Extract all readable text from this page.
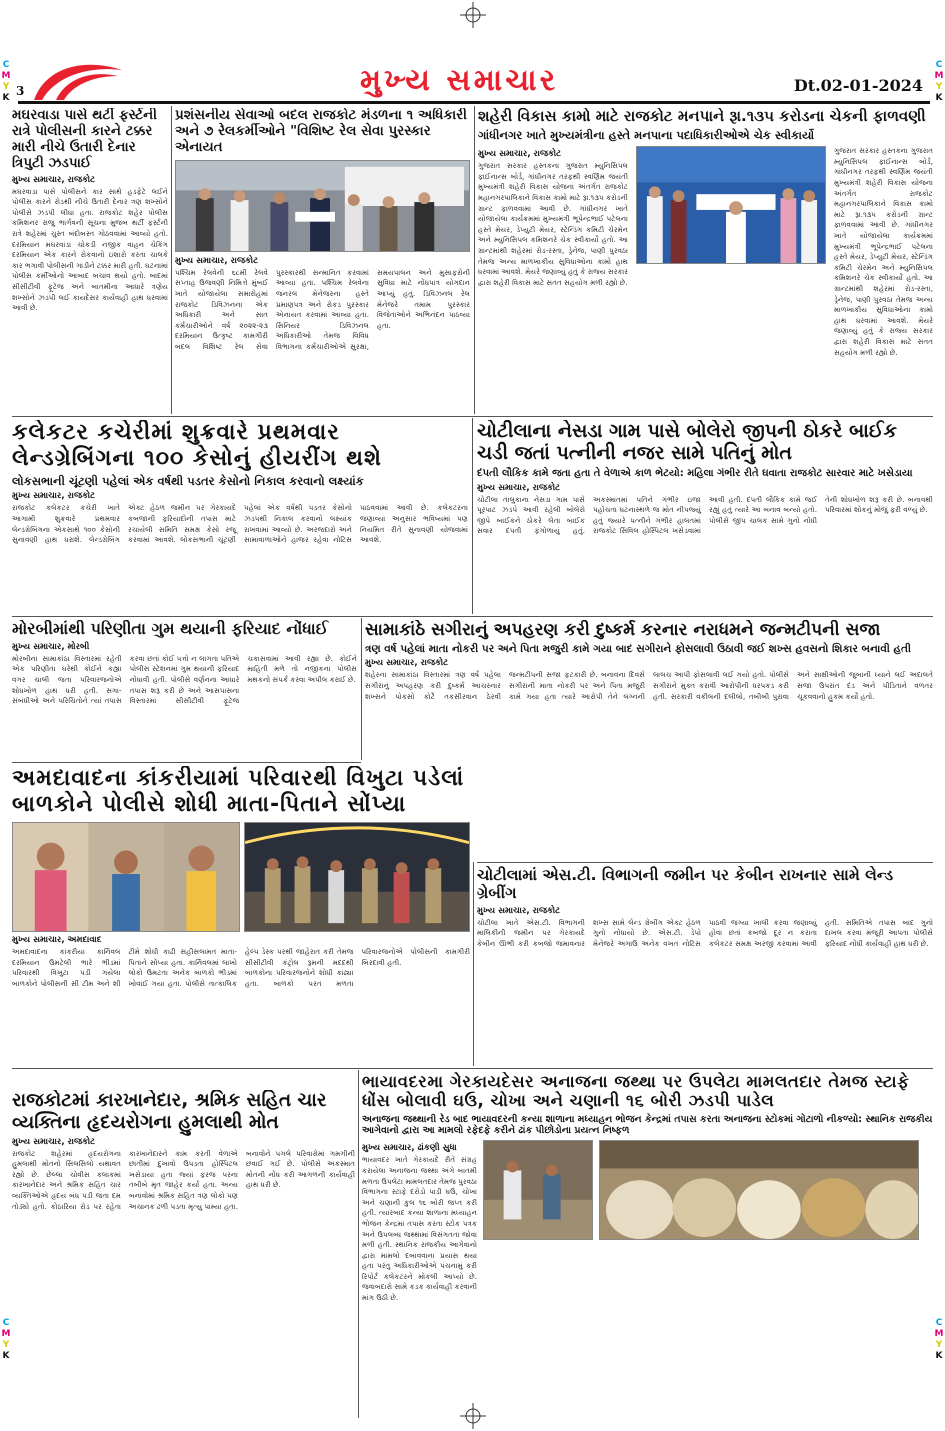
C
M
Y
K
C
M
Y
K
C
M
Y
K
C
M
Y
K
3	મુખ્ય સમાચાર	Dt.02-01-2024
મઘરવાડા પાસે થર્ટી ફર્સ્ટની રાત્રે પોલીસની કારને ટક્કર મારી નીચે ઉતારી દેનાર ત્રિપુટી ઝડપાઈ
મુખ્ય સમાચાર, રાજકોટ
મઘરવાડા પાસે પોલીસને કાર સાથે હડફેટે લઈને પોલીસ કારને રોડથી નીચે ઉતારી દેનાર ત્રણ શખ્સોને પોલીસે ઝડપી લીધા હતા. રાજકોટ શહેર પોલીસ કમિશનર રાજુ ભાર્ગવની સૂચના મુજબ થર્ટી ફર્સ્ટની રાત્રે શહેરમાં ચુસ્ત બંદોબસ્ત ગોઠવવામાં આવ્યો હતો. દરમિયાન મઘરવાડા ચોકડી નજીક વાહન ચેકિંગ દરમિયાન એક કારને રોકવાનો ઇશારો કરતા ચાલકે કાર ભગાવી પોલીસની ગાડીને ટક્કર મારી હતી. ઘટનામાં પોલીસ કર્મીઓનો આબાદ બચાવ થયો હતો. બાદમાં સીસીટીવી ફૂટેજ અને બાતમીના આધારે ત્રણેય શખ્સોને ઝડપી લઈ કાયદેસર કાર્યવાહી હાથ ધરવામાં આવી છે.
પ્રશંસનીય સેવાઓ બદલ રાજકોટ મંડળના ૧ અધિકારી અને ૭ રેલકર્મીઓને "વિશિષ્ટ રેલ સેવા પુરસ્કાર એનાયત
મુખ્ય સમાચાર, રાજકોટ
પશ્ચિમ રેલવેની ૬૮મી રેલવે સપ્તાહ ઉજવણી નિમિત્તે મુંબઈ ખાતે યોજાયેલા સમારોહમાં રાજકોટ ડિવિઝનના એક અધિકારી અને સાત કર્મચારીઓને વર્ષ ૨૦૨૨-૨૩ દરમિયાન ઉત્કૃષ્ટ કામગીરી બદલ વિશિષ્ટ રેલ સેવા પુરસ્કારથી સન્માનિત કરવામાં આવ્યા હતા. પશ્ચિમ રેલવેના જનરલ મેનેજરના હસ્તે પ્રમાણપત્ર અને રોકડ પુરસ્કાર એનાયત કરવામાં આવ્યા હતા. સિનિયર ડિવિઝનલ અધિકારીઓ તેમજ વિવિધ વિભાગના કર્મચારીઓએ સુરક્ષા, સમયપાલન અને મુસાફરોની સુવિધા માટે નોંધપાત્ર યોગદાન આપ્યું હતું. ડિવિઝનલ રેલ મેનેજરે તમામ પુરસ્કાર વિજેતાઓને અભિનંદન પાઠવ્યા હતા.
શહેરી વિકાસ કામો માટે રાજકોટ મનપાને રૂા.૧૩૫ કરોડના ચેકની ફાળવણી
ગાંધીનગર ખાતે મુખ્યમંત્રીના હસ્તે મનપાના પદાધિકારીઓએ ચેક સ્વીકાર્યો
મુખ્ય સમાચાર, રાજકોટ
ગુજરાત સરકાર હસ્તકના ગુજરાત મ્યુનિસિપલ ફાઈનાન્સ બોર્ડ, ગાંધીનગર તરફથી સ્વર્ણિમ જયંતી મુખ્યમંત્રી શહેરી વિકાસ યોજના અંતર્ગત રાજકોટ મહાનગરપાલિકાને વિકાસ કામો માટે રૂા.૧૩૫ કરોડની ગ્રાન્ટ ફાળવવામાં આવી છે. ગાંધીનગર ખાતે યોજાયેલા કાર્યક્રમમાં મુખ્યમંત્રી ભૂપેન્દ્રભાઈ પટેલના હસ્તે મેયર, ડેપ્યુટી મેયર, સ્ટેન્ડિંગ કમિટી ચેરમેન અને મ્યુનિસિપલ કમિશનરે ચેક સ્વીકાર્યો હતો. આ ગ્રાન્ટમાંથી શહેરમાં રોડ-રસ્તા, ડ્રેનેજ, પાણી પુરવઠા તેમજ અન્ય માળખાકીય સુવિધાઓના કામો હાથ ધરવામાં આવશે. મેયરે જણાવ્યું હતું કે રાજ્ય સરકાર દ્વારા શહેરી વિકાસ માટે સતત સહયોગ મળી રહ્યો છે.
ગુજરાત સરકાર હસ્તકના ગુજરાત મ્યુનિસિપલ ફાઈનાન્સ બોર્ડ, ગાંધીનગર તરફથી સ્વર્ણિમ જયંતી મુખ્યમંત્રી શહેરી વિકાસ યોજના અંતર્ગત રાજકોટ મહાનગરપાલિકાને વિકાસ કામો માટે રૂા.૧૩૫ કરોડની ગ્રાન્ટ ફાળવવામાં આવી છે. ગાંધીનગર ખાતે યોજાયેલા કાર્યક્રમમાં મુખ્યમંત્રી ભૂપેન્દ્રભાઈ પટેલના હસ્તે મેયર, ડેપ્યુટી મેયર, સ્ટેન્ડિંગ કમિટી ચેરમેન અને મ્યુનિસિપલ કમિશનરે ચેક સ્વીકાર્યો હતો. આ ગ્રાન્ટમાંથી શહેરમાં રોડ-રસ્તા, ડ્રેનેજ, પાણી પુરવઠા તેમજ અન્ય માળખાકીય સુવિધાઓના કામો હાથ ધરવામાં આવશે. મેયરે જણાવ્યું હતું કે રાજ્ય સરકાર દ્વારા શહેરી વિકાસ માટે સતત સહયોગ મળી રહ્યો છે.
કલેકટર કચેરીમાં શુક્રવારે પ્રથમવાર લેન્ડગ્રેબિંગના ૧૦૦ કેસોનું હીયરીંગ થશે
લોકસભાની ચૂંટણી પહેલાં એક વર્ષથી પડતર કેસોનો નિકાલ કરવાનો લક્ષ્યાંક
મુખ્ય સમાચાર, રાજકોટ
રાજકોટ કલેકટર કચેરી ખાતે આગામી શુક્રવારે પ્રથમવાર લેન્ડગ્રેબિંગના એકસાથે ૧૦૦ કેસોની સુનાવણી હાથ ધરાશે. લેન્ડગ્રેબિંગ એક્ટ હેઠળ જમીન પર ગેરકાયદે કબજાની ફરિયાદોની તપાસ માટે રચાયેલી સમિતિ સમક્ષ કેસો રજૂ કરવામાં આવશે. લોકસભાની ચૂંટણી પહેલાં એક વર્ષથી પડતર કેસોનો ઝડપથી નિકાલ કરવાનો લક્ષ્યાંક રાખવામાં આવ્યો છે. અરજદારો અને સામાવાળાઓને હાજર રહેવા નોટિસ પાઠવવામાં આવી છે. કલેકટરના જણાવ્યા અનુસાર ભવિષ્યમાં પણ નિયમિત રીતે સુનાવણી યોજવામાં આવશે.
ચોટીલાના નેસડા ગામ પાસે બોલેરો જીપની ઠોકરે બાઈક ચડી જતાં પત્નીની નજર સામે પતિનું મોત
દંપતી લૌકિક કામે જતા હતા તે વેળાએ કાળ ભેટયો: મહિલા ગંભીર રીતે ઘવાતા રાજકોટ સારવાર માટે ખસેડાયા
મુખ્ય સમાચાર, રાજકોટ
ચોટીલા તાલુકાના નેસડા ગામ પાસે પૂરપાટ ઝડપે આવી રહેલી બોલેરો જીપે બાઈકને ઠોકરે લેતા બાઈક સવાર દંપતી ફંગોળાયું હતું. અકસ્માતમાં પતિને ગંભીર ઇજા પહોંચતા ઘટનાસ્થળે જ મોત નીપજ્યું હતું જ્યારે પત્નીને ગંભીર હાલતમાં રાજકોટ સિવિલ હોસ્પિટલ ખસેડવામાં આવી હતી. દંપતી લૌકિક કામે જઈ રહ્યું હતું ત્યારે આ બનાવ બન્યો હતો. પોલીસે જીપ ચાલક સામે ગુનો નોંધી તેની શોધખોળ શરૂ કરી છે. બનાવથી પરિવારમાં શોકનું મોજું ફરી વળ્યું છે.
મોરબીમાંથી પરિણીતા ગુમ થયાની ફરિયાદ નોંધાઈ
મુખ્ય સમાચાર, મોરબી
મોરબીના સામાકાંઠા વિસ્તારમાં રહેતી એક પરિણીતા ઘરેથી કોઈને કહ્યા વગર ચાલી જતા પરિવારજનોએ શોધખોળ હાથ ધરી હતી. સગા-સંબંધીઓ અને પરિચિતોને ત્યાં તપાસ કરવા છતાં કોઈ પત્તો ન લાગતા પતિએ પોલીસ સ્ટેશનમાં ગુમ થયાની ફરિયાદ નોંધાવી હતી. પોલીસે વર્ણનના આધારે તપાસ શરૂ કરી છે અને આસપાસના વિસ્તારમાં સીસીટીવી ફૂટેજ ચકાસવામાં આવી રહ્યા છે. કોઈને માહિતી મળે તો નજીકના પોલીસ મથકનો સંપર્ક કરવા અપીલ કરાઈ છે.
સામાકાંઠે સગીરાનું અપહરણ કરી દુષ્કર્મ કરનાર નરાધમને જન્મટીપની સજા
ત્રણ વર્ષ પહેલાં માતા નોકરી પર અને પિતા મજુરી કામે ગયા બાદ સગીરાને ફોસલાવી ઉઠાવી જઈ શખ્સ હવસનો શિકાર બનાવી હતી
મુખ્ય સમાચાર, રાજકોટ
શહેરના સામાકાંઠા વિસ્તારમાં ત્રણ વર્ષ પહેલા સગીરાનું અપહરણ કરી દુષ્કર્મ આચરનાર શખ્સને પોકસો કોર્ટે તકસીરવાન ઠેરવી જન્મટીપની સજા ફટકારી છે. બનાવના દિવસે સગીરાની માતા નોકરી પર અને પિતા મજુરી કામે ગયા હતા ત્યારે આરોપી તેને લગ્નની લાલચ આપી ફોસલાવી લઈ ગયો હતો. પોલીસે સગીરાને મુક્ત કરાવી આરોપીની ધરપકડ કરી હતી. સરકારી વકીલની દલીલો, તબીબી પુરાવા અને સાક્ષીઓની જુબાની ધ્યાને લઈ અદાલતે સજા ઉપરાંત દંડ અને પીડિતાને વળતર ચૂકવવાનો હુકમ કર્યો હતો.
અમદાવાદના કાંકરીયામાં પરિવારથી વિખુટા પડેલાં બાળકોને પોલીસે શોધી માતા-પિતાને સોંપ્યા
મુખ્ય સમાચાર, અમદાવાદ
અમદાવાદના કાંકરીયા કાર્નિવલ દરમિયાન ઉમટેલી ભારે ભીડમાં પરિવારથી વિખુટા પડી ગયેલા બાળકોને પોલીસની સી ટીમ અને શી ટીમે શોધી કાઢી સહીસલામત માતા-પિતાને સોંપ્યા હતા. કાર્નિવલમાં લાખો લોકો ઉમટતા અનેક બાળકો ભીડમાં ખોવાઈ ગયા હતા. પોલીસે તાત્કાલિક હેલ્પ ડેસ્ક પરથી જાહેરાત કરી તેમજ સીસીટીવી કંટ્રોલ રૂમની મદદથી બાળકોના પરિવારજનોને શોધી કાઢ્યા હતા. બાળકો પરત મળતા પરિવારજનોએ પોલીસની કામગીરી બિરદાવી હતી.
ચોટીલામાં એસ.ટી. વિભાગની જમીન પર કેબીન રાખનાર સામે લેન્ડ ગ્રેબીંગ
મુખ્ય સમાચાર, રાજકોટ
ચોટીલા ખાતે એસ.ટી. વિભાગની માલિકીની જમીન પર ગેરકાયદે કેબીન ઊભી કરી કબજો જમાવનાર શખ્સ સામે લેન્ડ ગ્રેબીંગ એક્ટ હેઠળ ગુનો નોંધાયો છે. એસ.ટી. ડેપો મેનેજરે અગાઉ અનેક વખત નોટિસ પાઠવી જગ્યા ખાલી કરવા જણાવ્યું હોવા છતાં કબજો દૂર ન કરાતા કલેકટર સમક્ષ અરજી કરવામાં આવી હતી. સમિતિએ તપાસ બાદ ગુનો દાખલ કરવા મંજૂરી આપતા પોલીસે ફરિયાદ નોંધી કાર્યવાહી હાથ ધરી છે.
ભાયાવદરમા ગેરકાયદેસર અનાજના જથ્થા પર ઉપલેટા મામલતદાર તેમજ સ્ટાફે ધોંસ બોલાવી ઘઉ, ચોખા અને ચણાની ૧૬ બોરી ઝડપી પાડેલ
અનાજના જથ્થાની રેડ બાદ ભાયાવદરની કન્યા શાળાના મધ્યાહન ભોજન કેન્દ્રમાં તપાસ કરતા અનાજના સ્ટોકમાં ગોટાળો નીકળ્યો: સ્થાનિક રાજકીય આગેવાનો દ્વારા આ મામલો રફેદફે કરીને ઢાંક પીછોડોના પ્રયત્ન નિષ્ફળ
મુખ્ય સમાચાર, ઢાંકણી સુધા
ભાયાવદર ખાતે ગેરકાયદે રીતે સંગ્રહ કરાયેલા અનાજના જથ્થા અંગે બાતમી મળતા ઉપલેટા મામલતદાર તેમજ પુરવઠા વિભાગના સ્ટાફે દરોડો પાડી ઘઉં, ચોખા અને ચણાની કુલ ૧૬ બોરી જપ્ત કરી હતી. ત્યારબાદ કન્યા શાળાના મધ્યાહન ભોજન કેન્દ્રમાં તપાસ કરતા સ્ટોક પત્રક અને ઉપલબ્ધ જથ્થામાં વિસંગતતા જોવા મળી હતી. સ્થાનિક રાજકીય આગેવાનો દ્વારા મામલો દબાવવાના પ્રયાસ થયા હતા પરંતુ અધિકારીઓએ પંચનામું કરી રિપોર્ટ કલેકટરને મોકલી આપ્યો છે. જવાબદારો સામે કડક કાર્યવાહી કરવાની માંગ ઉઠી છે.
રાજકોટમાં કારખાનેદાર, શ્રમિક સહિત ચાર વ્યક્તિના હૃદયરોગના હુમલાથી મોત
મુખ્ય સમાચાર, રાજકોટ
રાજકોટ શહેરમાં હૃદયરોગના હુમલાથી મોતનો સિલસિલો યથાવત રહ્યો છે. છેલ્લા ચોવીસ કલાકમાં કારખાનેદાર અને શ્રમિક સહિત ચાર વ્યક્તિઓએ હૃદય બંધ પડી જતા દમ તોડ્યો હતો. કોઠારિયા રોડ પર રહેતા કારખાનેદારને કામ કરતી વેળાએ છાતીમાં દુખાવો ઉપડતા હોસ્પિટલ ખસેડાયા હતા જ્યાં ફરજ પરના તબીબે મૃત જાહેર કર્યા હતા. અન્ય બનાવોમાં શ્રમિક સહિત ત્રણ લોકો પણ અચાનક ઢળી પડતા મૃત્યુ પામ્યા હતા. બનાવોને પગલે પરિવારોમાં ગમગીની છવાઈ ગઈ છે. પોલીસે અકસ્માત મોતની નોંધ કરી આગળની કાર્યવાહી હાથ ધરી છે.
